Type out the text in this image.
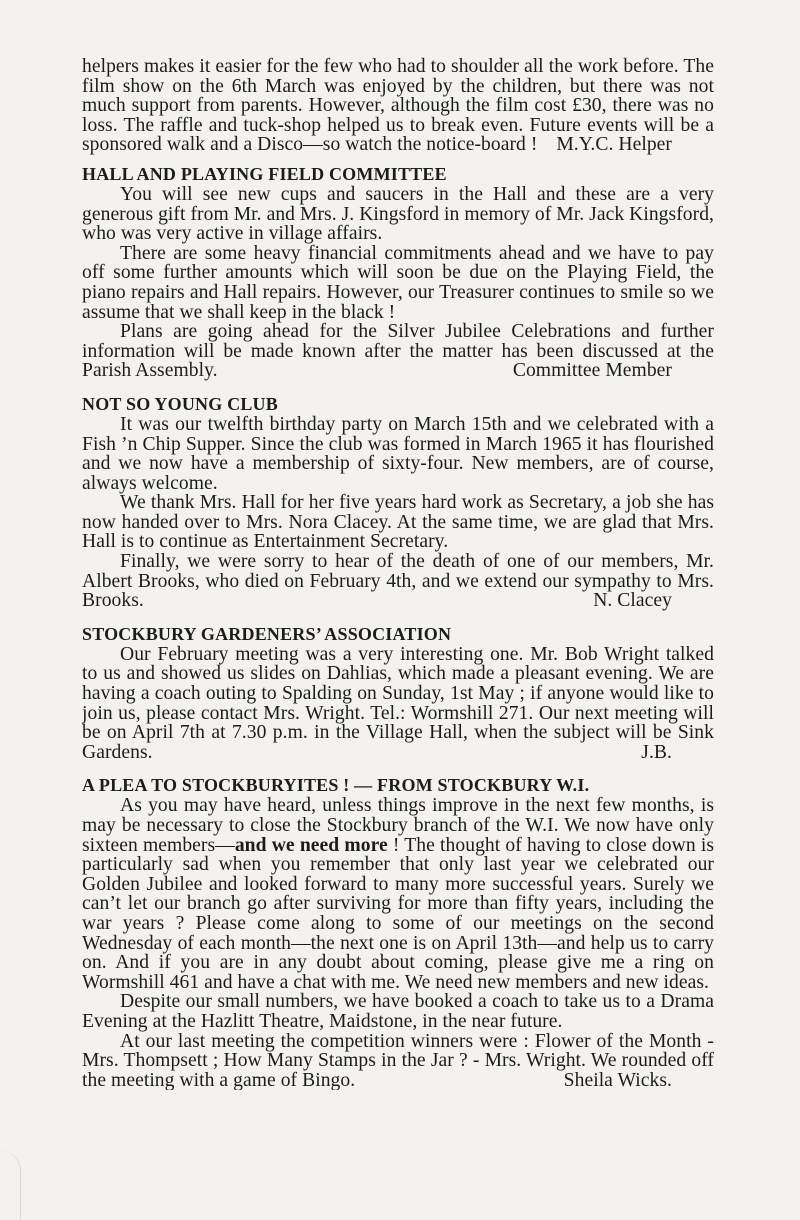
helpers makes it easier for the few who had to shoulder all the work before. The film show on the 6th March was enjoyed by the children, but there was not much support from parents. However, although the film cost £30, there was no loss. The raffle and tuck-shop helped us to break even. Future events will be a sponsored walk and a Disco—so watch the notice-board ! M.Y.C. Helper

HALL AND PLAYING FIELD COMMITTEE

You will see new cups and saucers in the Hall and these are a very generous gift from Mr. and Mrs. J. Kingsford in memory of Mr. Jack Kingsford, who was very active in village affairs.

There are some heavy financial commitments ahead and we have to pay off some further amounts which will soon be due on the Playing Field, the piano repairs and Hall repairs. However, our Treasurer continues to smile so we assume that we shall keep in the black !

Plans are going ahead for the Silver Jubilee Celebrations and further information will be made known after the matter has been discussed at the Parish Assembly.	Committee Member

NOT SO YOUNG CLUB

It was our twelfth birthday party on March 15th and we celebrated with a Fish ’n Chip Supper. Since the club was formed in March 1965 it has flourished and we now have a membership of sixty-four. New members, are of course, always welcome.

We thank Mrs. Hall for her five years hard work as Secretary, a job she has now handed over to Mrs. Nora Clacey. At the same time, we are glad that Mrs. Hall is to continue as Entertainment Secretary.

Finally, we were sorry to hear of the death of one of our members, Mr. Albert Brooks, who died on February 4th, and we extend our sympathy to Mrs. Brooks.	N. Clacey

STOCKBURY GARDENERS’ ASSOCIATION

Our February meeting was a very interesting one. Mr. Bob Wright talked to us and showed us slides on Dahlias, which made a pleasant evening. We are having a coach outing to Spalding on Sunday, 1st May ; if anyone would like to join us, please contact Mrs. Wright. Tel.: Wormshill 271. Our next meeting will be on April 7th at 7.30 p.m. in the Village Hall, when the subject will be Sink Gardens.	J.B.

A PLEA TO STOCKBURYITES ! — FROM STOCKBURY W.I.

As you may have heard, unless things improve in the next few months, is may be necessary to close the Stockbury branch of the W.I. We now have only sixteen members—and we need more ! The thought of having to close down is particularly sad when you remember that only last year we celebrated our Golden Jubilee and looked forward to many more successful years. Surely we can’t let our branch go after surviving for more than fifty years, including the war years ? Please come along to some of our meetings on the second Wednesday of each month—the next one is on April 13th—and help us to carry on. And if you are in any doubt about coming, please give me a ring on Wormshill 461 and have a chat with me. We need new members and new ideas.

Despite our small numbers, we have booked a coach to take us to a Drama Evening at the Hazlitt Theatre, Maidstone, in the near future.

At our last meeting the competition winners were : Flower of the Month - Mrs. Thompsett ; How Many Stamps in the Jar ? - Mrs. Wright. We rounded off the meeting with a game of Bingo.	Sheila Wicks.
